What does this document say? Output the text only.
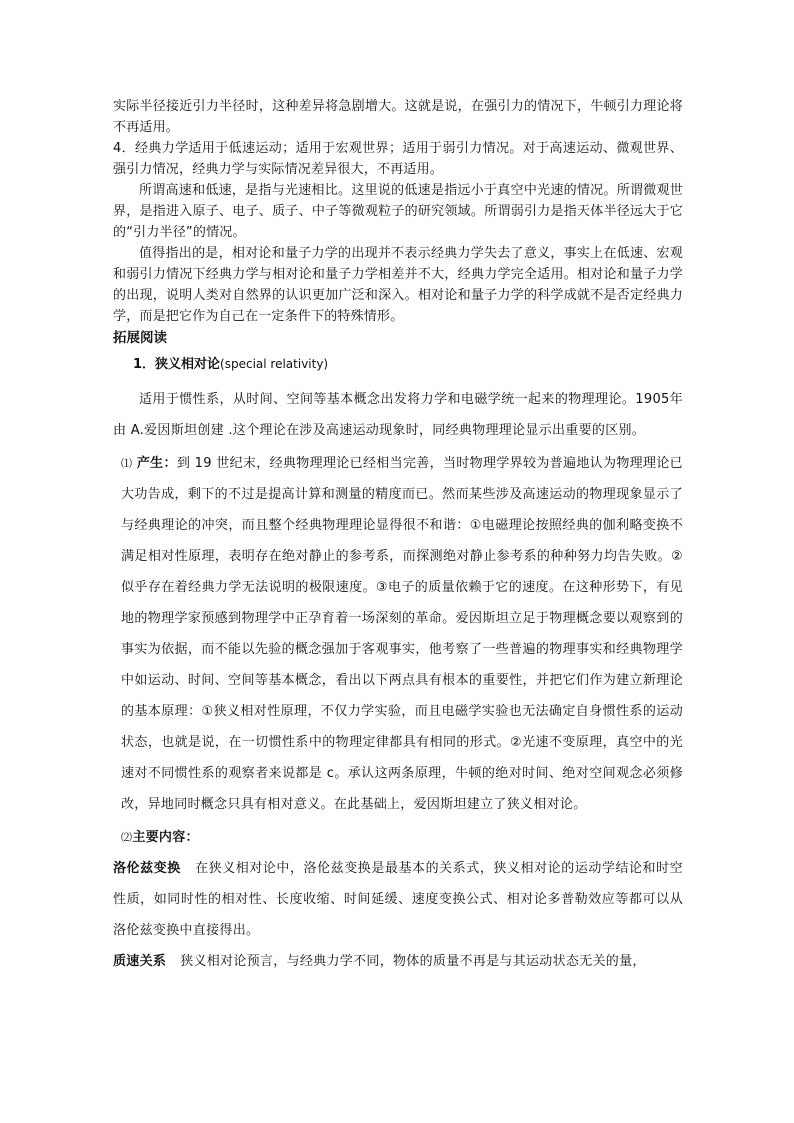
实际半径接近引力半径时，这种差异将急剧增大。这就是说，在强引力的情况下，牛顿引力理论将不再适用。

4．经典力学适用于低速运动；适用于宏观世界；适用于弱引力情况。对于高速运动、微观世界、强引力情况，经典力学与实际情况差异很大，不再适用。

所谓高速和低速，是指与光速相比。这里说的低速是指远小于真空中光速的情况。所谓微观世界，是指进入原子、电子、质子、中子等微观粒子的研究领域。所谓弱引力是指天体半径远大于它的“引力半径”的情况。

值得指出的是，相对论和量子力学的出现并不表示经典力学失去了意义，事实上在低速、宏观和弱引力情况下经典力学与相对论和量子力学相差并不大，经典力学完全适用。相对论和量子力学的出现，说明人类对自然界的认识更加广泛和深入。相对论和量子力学的科学成就不是否定经典力学，而是把它作为自己在一定条件下的特殊情形。

拓展阅读

1．狭义相对论(special relativity)

适用于惯性系，从时间、空间等基本概念出发将力学和电磁学统一起来的物理理论。1905年由 A.爱因斯坦创建 .这个理论在涉及高速运动现象时，同经典物理理论显示出重要的区别。

⑴ 产生：到 19 世纪末，经典物理理论已经相当完善，当时物理学界较为普遍地认为物理理论已大功告成，剩下的不过是提高计算和测量的精度而已。然而某些涉及高速运动的物理现象显示了与经典理论的冲突，而且整个经典物理理论显得很不和谐：①电磁理论按照经典的伽利略变换不满足相对性原理，表明存在绝对静止的参考系，而探测绝对静止参考系的种种努力均告失败。②似乎存在着经典力学无法说明的极限速度。③电子的质量依赖于它的速度。在这种形势下，有见地的物理学家预感到物理学中正孕育着一场深刻的革命。爱因斯坦立足于物理概念要以观察到的事实为依据，而不能以先验的概念强加于客观事实，他考察了一些普遍的物理事实和经典物理学中如运动、时间、空间等基本概念，看出以下两点具有根本的重要性，并把它们作为建立新理论的基本原理：①狭义相对性原理，不仅力学实验，而且电磁学实验也无法确定自身惯性系的运动状态，也就是说，在一切惯性系中的物理定律都具有相同的形式。②光速不变原理，真空中的光速对不同惯性系的观察者来说都是 c。承认这两条原理，牛顿的绝对时间、绝对空间观念必须修改，异地同时概念只具有相对意义。在此基础上，爱因斯坦建立了狭义相对论。

⑵主要内容：

洛伦兹变换 在狭义相对论中，洛伦兹变换是最基本的关系式，狭义相对论的运动学结论和时空性质，如同时性的相对性、长度收缩、时间延缓、速度变换公式、相对论多普勒效应等都可以从洛伦兹变换中直接得出。

质速关系 狭义相对论预言，与经典力学不同，物体的质量不再是与其运动状态无关的量，
